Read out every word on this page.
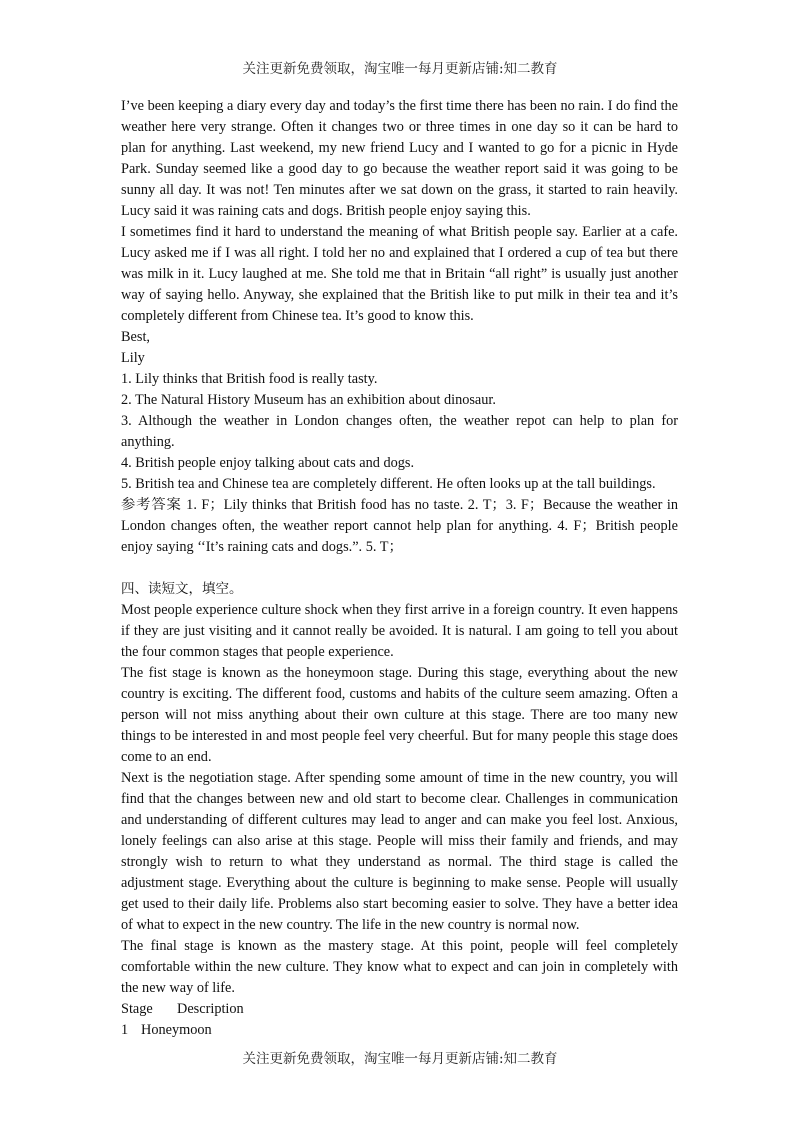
关注更新免费领取，淘宝唯一每月更新店铺:知二教育

I’ve been keeping a diary every day and today’s the first time there has been no rain. I do find the weather here very strange. Often it changes two or three times in one day so it can be hard to plan for anything. Last weekend, my new friend Lucy and I wanted to go for a picnic in Hyde Park. Sunday seemed like a good day to go because the weather report said it was going to be sunny all day. It was not! Ten minutes after we sat down on the grass, it started to rain heavily. Lucy said it was raining cats and dogs. British people enjoy saying this.

I sometimes find it hard to understand the meaning of what British people say. Earlier at a cafe. Lucy asked me if I was all right. I told her no and explained that I ordered a cup of tea but there was milk in it. Lucy laughed at me. She told me that in Britain “all right” is usually just another way of saying hello. Anyway, she explained that the British like to put milk in their tea and it’s completely different from Chinese tea. It’s good to know this.

Best,

Lily

1. Lily thinks that British food is really tasty.

2. The Natural History Museum has an exhibition about dinosaur.

3. Although the weather in London changes often, the weather repot can help to plan for anything.

4. British people enjoy talking about cats and dogs.

5. British tea and Chinese tea are completely different. He often looks up at the tall buildings.

参考答案 1. F；Lily thinks that British food has no taste. 2. T；3. F；Because the weather in London changes often, the weather report cannot help plan for anything. 4. F；British people enjoy saying ‘‘It’s raining cats and dogs.”. 5. T；

四、读短文，填空。

Most people experience culture shock when they first arrive in a foreign country. It even happens if they are just visiting and it cannot really be avoided. It is natural. I am going to tell you about the four common stages that people experience.

The fist stage is known as the honeymoon stage. During this stage, everything about the new country is exciting. The different food, customs and habits of the culture seem amazing. Often a person will not miss anything about their own culture at this stage. There are too many new things to be interested in and most people feel very cheerful. But for many people this stage does come to an end.

Next is the negotiation stage. After spending some amount of time in the new country, you will find that the changes between new and old start to become clear. Challenges in communication and understanding of different cultures may lead to anger and can make you feel lost. Anxious, lonely feelings can also arise at this stage. People will miss their family and friends, and may strongly wish to return to what they understand as normal. The third stage is called the adjustment stage. Everything about the culture is beginning to make sense. People will usually get used to their daily life. Problems also start becoming easier to solve. They have a better idea of what to expect in the new country. The life in the new country is normal now.

The final stage is known as the mastery stage. At this point, people will feel completely comfortable within the new culture. They know what to expect and can join in completely with the new way of life.

Stage	Description
1 Honeymoon
关注更新免费领取，淘宝唯一每月更新店铺:知二教育
